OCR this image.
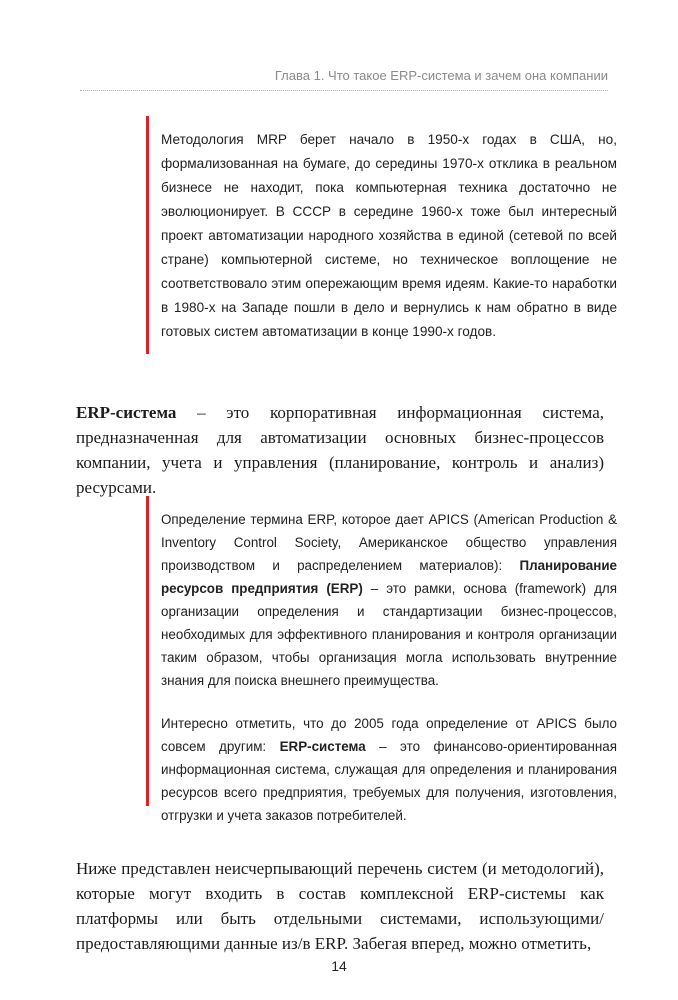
Глава 1. Что такое ERP-система и зачем она компании

Методология MRP берет начало в 1950-х годах в США, но, формализованная на бумаге, до середины 1970-х отклика в реальном бизнесе не находит, пока компьютерная техника достаточно не эволюционирует. В СССР в середине 1960-х тоже был интересный проект автоматизации народного хозяйства в единой (сетевой по всей стране) компьютерной системе, но техническое воплощение не соответствовало этим опережающим время идеям. Какие-то наработки в 1980-х на Западе пошли в дело и вернулись к нам обратно в виде готовых систем автоматизации в конце 1990-х годов.

ERP-система – это корпоративная информационная система, предназначенная для автоматизации основных бизнес-процессов компании, учета и управления (планирование, контроль и анализ) ресурсами.

Определение термина ERP, которое дает APICS (American Production & Inventory Control Society, Американское общество управления производством и распределением материалов): Планирование ресурсов предприятия (ERP) – это рамки, основа (framework) для организации определения и стандартизации бизнес-процессов, необходимых для эффективного планирования и контроля организации таким образом, чтобы организация могла использовать внутренние знания для поиска внешнего преимущества.

Интересно отметить, что до 2005 года определение от APICS было совсем другим: ERP-система – это финансово-ориентированная информационная система, служащая для определения и планирования ресурсов всего предприятия, требуемых для получения, изготовления, отгрузки и учета заказов потребителей.

Ниже представлен неисчерпывающий перечень систем (и методологий), которые могут входить в состав комплексной ERP-системы как платформы или быть отдельными системами, использующими/предоставляющими данные из/в ERP. Забегая вперед, можно отметить,

14
